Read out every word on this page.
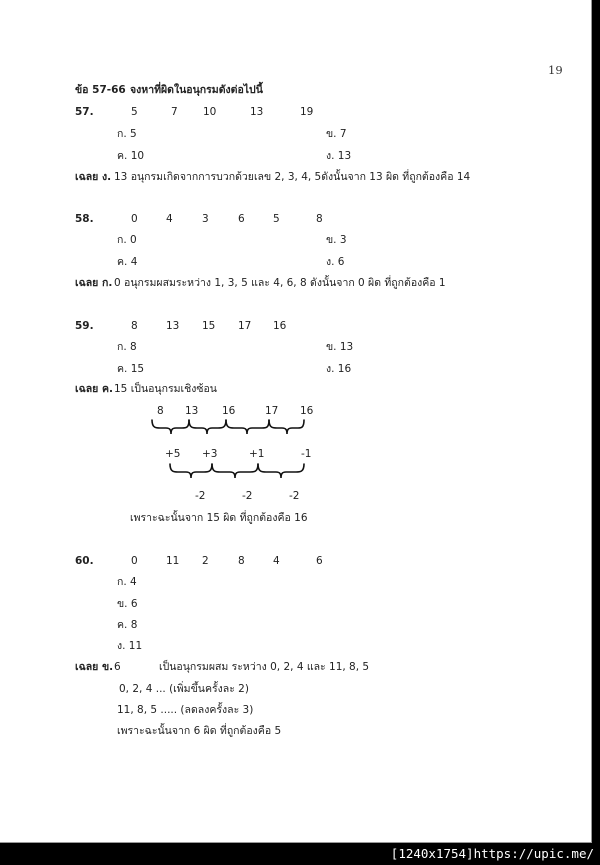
19
ข้อ 57-66 จงหาที่ผิดในอนุกรมดังต่อไปนี้
57.	5	7 10	13	19
ก. 5	ข. 7
ค. 10	ง. 13
เฉลย ง. 13 อนุกรมเกิดจากการบวกด้วยเลข 2, 3, 4, 5ดังนั้นจาก 13 ผิด ที่ถูกต้องคือ 14
58.	0	4	3	6	5	8
ก. 0	ข. 3
ค. 4	ง. 6
เฉลย ก. 0 อนุกรมผสมระหว่าง 1, 3, 5 และ 4, 6, 8 ดังนั้นจาก 0 ผิด ที่ถูกต้องคือ 1
59.	8	13 15 17 16
ก. 8	ข. 13
ค. 15	ง. 16
เฉลย ค. 15 เป็นอนุกรมเชิงซ้อน
8 13 16	17 16
+5 +3	+1	-1
-2	-2	-2
เพราะฉะนั้นจาก 15 ผิด ที่ถูกต้องคือ 16
60.	0	11 2	8	4	6
ก. 4
ข. 6
ค. 8
ง. 11
เฉลย ข. 6	เป็นอนุกรมผสม ระหว่าง 0, 2, 4 และ 11, 8, 5
0, 2, 4 ... (เพิ่มขึ้นครั้งละ 2)
11, 8, 5 ..... (ลดลงครั้งละ 3)
เพราะฉะนั้นจาก 6 ผิด ที่ถูกต้องคือ 5
[1240x1754]https://upic.me/
